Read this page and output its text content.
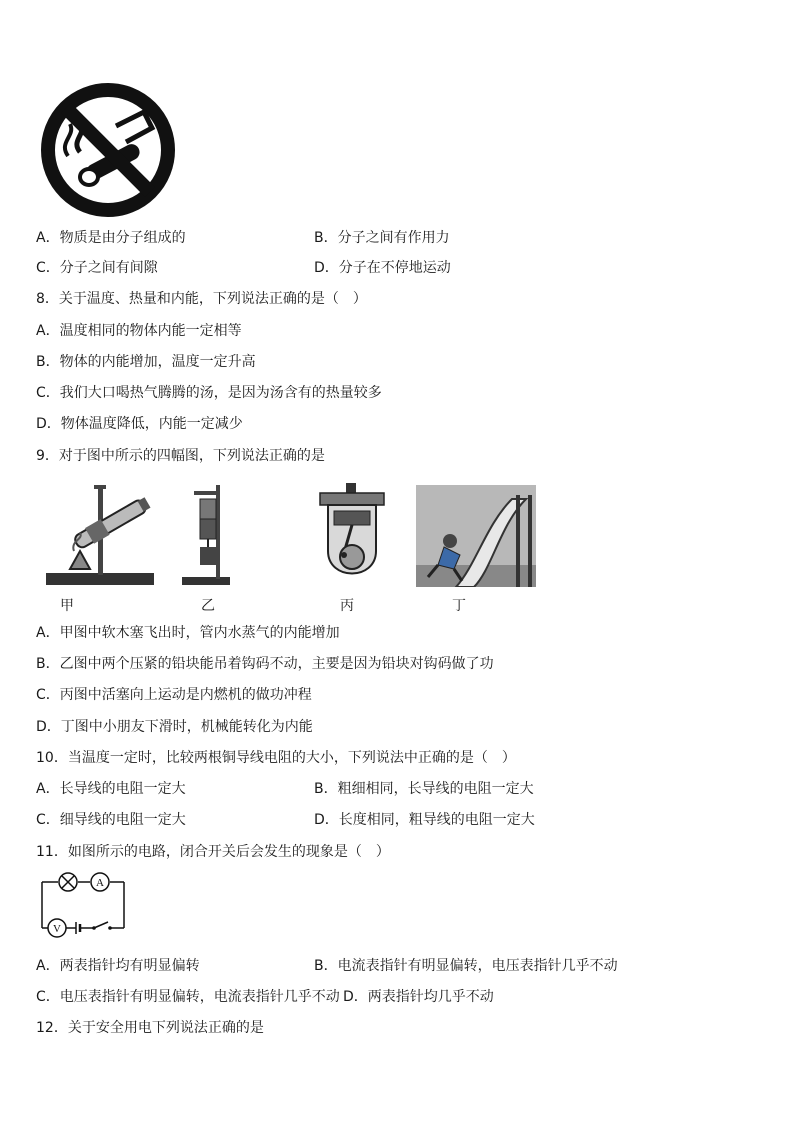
A．物质是由分子组成的	B．分子之间有作用力
C．分子之间有间隙	D．分子在不停地运动
8．关于温度、热量和内能，下列说法正确的是（　）
A．温度相同的物体内能一定相等
B．物体的内能增加，温度一定升高
C．我们大口喝热气腾腾的汤，是因为汤含有的热量较多
D．物体温度降低，内能一定减少
9．对于图中所示的四幅图，下列说法正确的是
甲	乙	丙	丁
A．甲图中软木塞飞出时，管内水蒸气的内能增加
B．乙图中两个压紧的铅块能吊着钩码不动，主要是因为铅块对钩码做了功
C．丙图中活塞向上运动是内燃机的做功冲程
D．丁图中小朋友下滑时，机械能转化为内能
10．当温度一定时，比较两根铜导线电阻的大小，下列说法中正确的是（　）
A．长导线的电阻一定大	B．粗细相同，长导线的电阻一定大
C．细导线的电阻一定大	D．长度相同，粗导线的电阻一定大
11．如图所示的电路，闭合开关后会发生的现象是（　）
A
V
A．两表指针均有明显偏转	B．电流表指针有明显偏转，电压表指针几乎不动
C．电压表指针有明显偏转，电流表指针几乎不动 D．两表指针均几乎不动
12．关于安全用电下列说法正确的是
